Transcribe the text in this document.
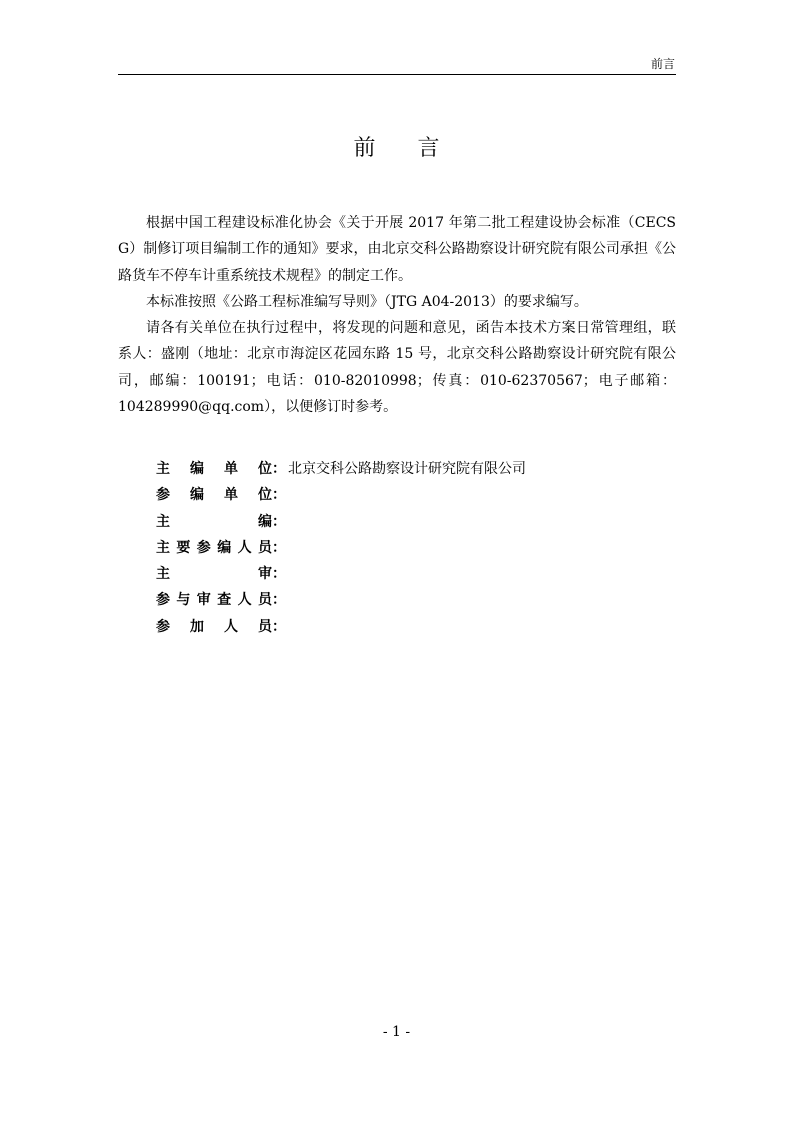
前言
前言

根据中国工程建设标准化协会《关于开展 2017 年第二批工程建设协会标准（CECS G）制修订项目编制工作的通知》要求，由北京交科公路勘察设计研究院有限公司承担《公路货车不停车计重系统技术规程》的制定工作。

本标准按照《公路工程标准编写导则》（JTG A04-2013）的要求编写。

请各有关单位在执行过程中，将发现的问题和意见，函告本技术方案日常管理组，联系人：盛刚（地址：北京市海淀区花园东路 15 号，北京交科公路勘察设计研究院有限公司，邮编：100191；电话：010-82010998；传真：010-62370567；电子邮箱：104289990@qq.com），以便修订时参考。

主编单位 ： 北京交科公路勘察设计研究院有限公司
参编单位 ：
主编 ：
主要参编人员 ：
主审 ：
参与审查人员 ：
参加人员 ：
- 1 -
